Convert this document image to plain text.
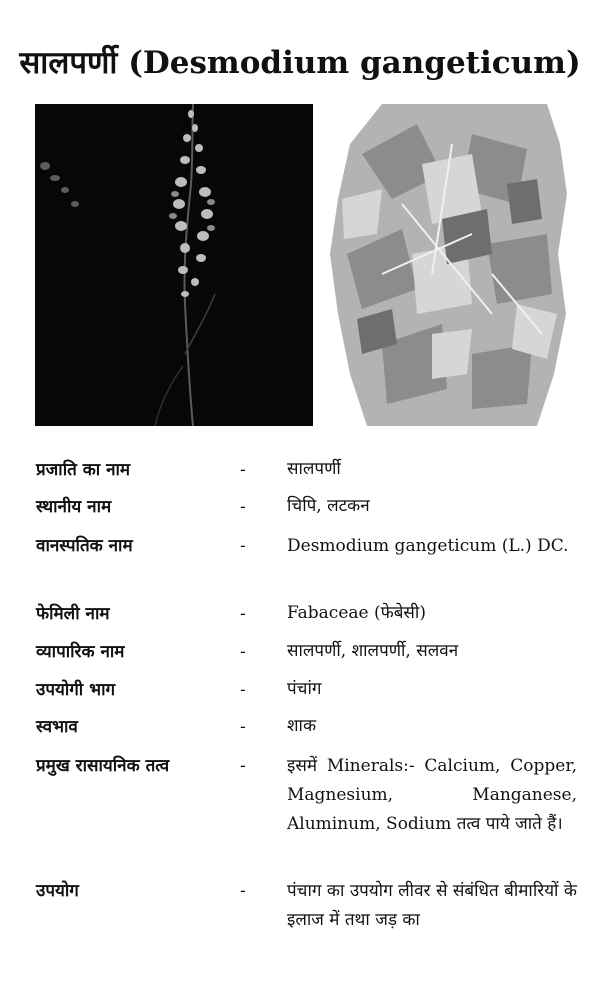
सालपर्णी (Desmodium gangeticum)
प्रजाति का नाम	- सालपर्णी
स्थानीय नाम	- चिपि, लटकन
वानस्पतिक नाम	- Desmodium gangeticum (L.) DC.
फेमिली नाम	- Fabaceae (फेबेसी)
व्यापारिक नाम	- सालपर्णी, शालपर्णी, सलवन
उपयोगी भाग	- पंचांग
स्वभाव	- शाक
प्रमुख रासायनिक तत्व	- इसमें Minerals:- Calcium, Copper, Magnesium, Manganese, Aluminum, Sodium तत्व पाये जाते हैं।
उपयोग	- पंचाग का उपयोग लीवर से संबंधित बीमारियों के इलाज में तथा जड़ का
